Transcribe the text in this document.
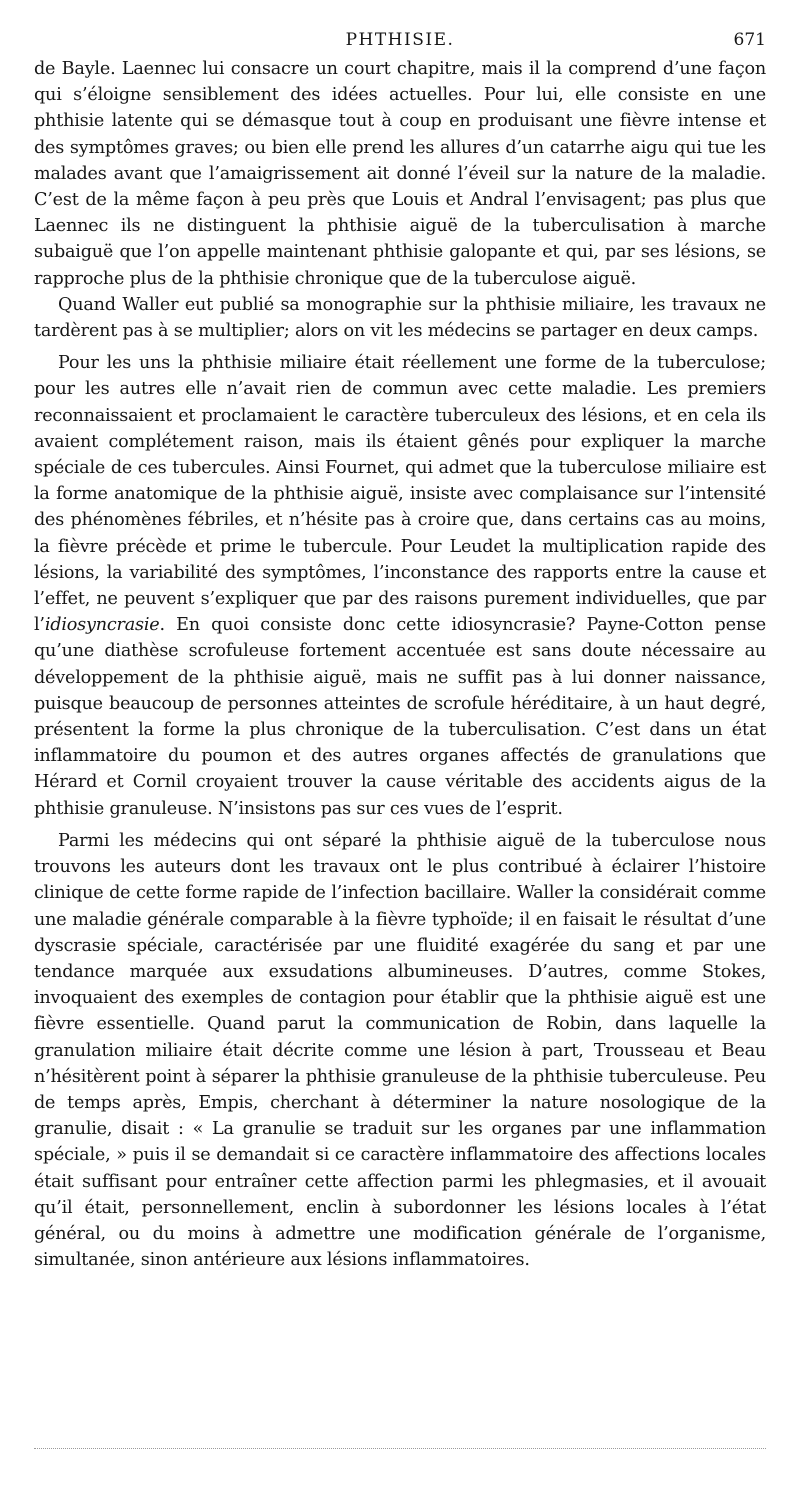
PHTHISIE.	671

de Bayle. Laennec lui consacre un court chapitre, mais il la comprend d’une façon qui s’éloigne sensiblement des idées actuelles. Pour lui, elle consiste en une phthisie latente qui se démasque tout à coup en produisant une fièvre intense et des symptômes graves; ou bien elle prend les allures d’un catarrhe aigu qui tue les malades avant que l’amaigrissement ait donné l’éveil sur la nature de la maladie. C’est de la même façon à peu près que Louis et Andral l’envisagent; pas plus que Laennec ils ne distinguent la phthisie aiguë de la tuberculisation à marche subaiguë que l’on appelle maintenant phthisie galopante et qui, par ses lésions, se rapproche plus de la phthisie chronique que de la tuberculose aiguë.

Quand Waller eut publié sa monographie sur la phthisie miliaire, les travaux ne tardèrent pas à se multiplier; alors on vit les médecins se partager en deux camps.

Pour les uns la phthisie miliaire était réellement une forme de la tuberculose; pour les autres elle n’avait rien de commun avec cette maladie. Les premiers reconnaissaient et proclamaient le caractère tuberculeux des lésions, et en cela ils avaient complétement raison, mais ils étaient gênés pour expliquer la marche spéciale de ces tubercules. Ainsi Fournet, qui admet que la tuberculose miliaire est la forme anatomique de la phthisie aiguë, insiste avec complaisance sur l’intensité des phénomènes fébriles, et n’hésite pas à croire que, dans certains cas au moins, la fièvre précède et prime le tubercule. Pour Leudet la multiplication rapide des lésions, la variabilité des symptômes, l’inconstance des rapports entre la cause et l’effet, ne peuvent s’expliquer que par des raisons purement individuelles, que par l’idiosyncrasie. En quoi consiste donc cette idiosyncrasie? Payne-Cotton pense qu’une diathèse scrofuleuse fortement accentuée est sans doute nécessaire au développement de la phthisie aiguë, mais ne suffit pas à lui donner naissance, puisque beaucoup de personnes atteintes de scrofule héréditaire, à un haut degré, présentent la forme la plus chronique de la tuberculisation. C’est dans un état inflammatoire du poumon et des autres organes affectés de granulations que Hérard et Cornil croyaient trouver la cause véritable des accidents aigus de la phthisie granuleuse. N’insistons pas sur ces vues de l’esprit.

Parmi les médecins qui ont séparé la phthisie aiguë de la tuberculose nous trouvons les auteurs dont les travaux ont le plus contribué à éclairer l’histoire clinique de cette forme rapide de l’infection bacillaire. Waller la considérait comme une maladie générale comparable à la fièvre typhoïde; il en faisait le résultat d’une dyscrasie spéciale, caractérisée par une fluidité exagérée du sang et par une tendance marquée aux exsudations albumineuses. D’autres, comme Stokes, invoquaient des exemples de contagion pour établir que la phthisie aiguë est une fièvre essentielle. Quand parut la communication de Robin, dans laquelle la granulation miliaire était décrite comme une lésion à part, Trousseau et Beau n’hésitèrent point à séparer la phthisie granuleuse de la phthisie tuberculeuse. Peu de temps après, Empis, cherchant à déterminer la nature nosologique de la granulie, disait : « La granulie se traduit sur les organes par une inflammation spéciale, » puis il se demandait si ce caractère inflammatoire des affections locales était suffisant pour entraîner cette affection parmi les phlegmasies, et il avouait qu’il était, personnellement, enclin à subordonner les lésions locales à l’état général, ou du moins à admettre une modification générale de l’organisme, simultanée, sinon antérieure aux lésions inflammatoires.
